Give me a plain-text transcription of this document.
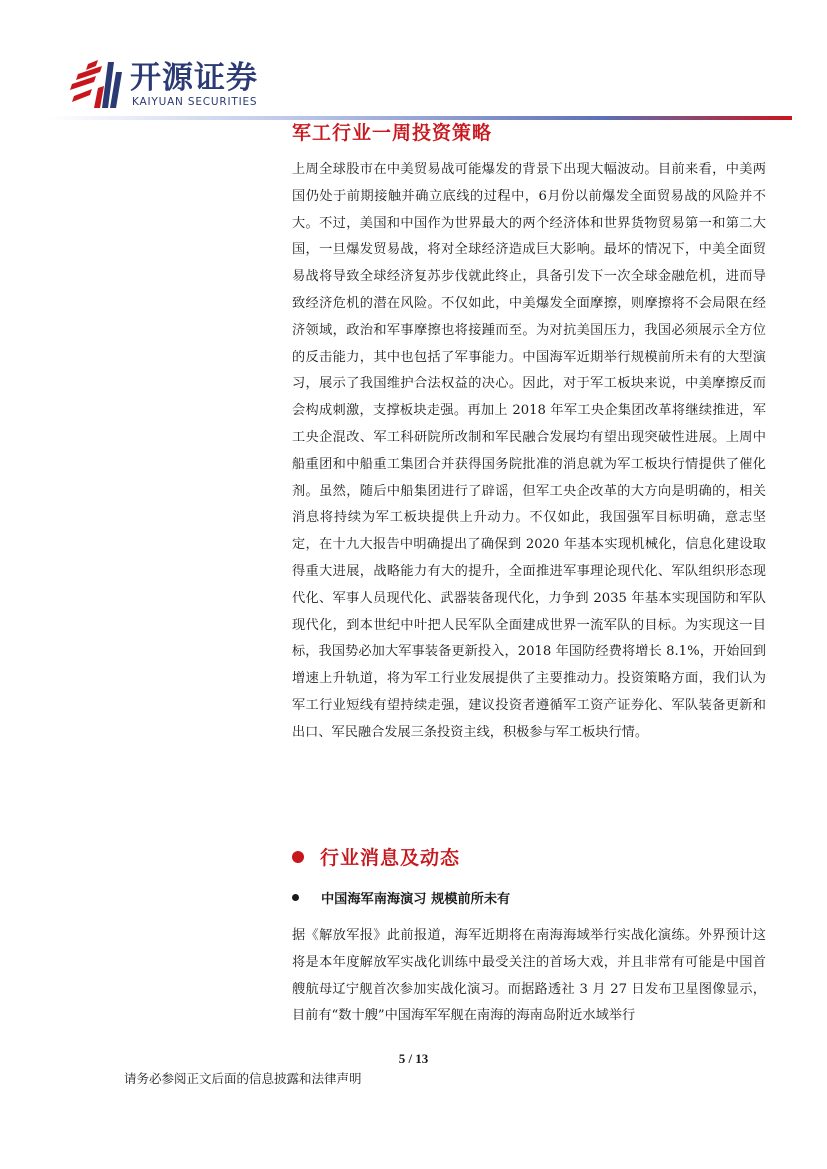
开源证券
KAIYUAN SECURITIES
军工行业一周投资策略
上周全球股市在中美贸易战可能爆发的背景下出现大幅波动。目前来看，中美两国仍处于前期接触并确立底线的过程中，6月份以前爆发全面贸易战的风险并不大。不过，美国和中国作为世界最大的两个经济体和世界货物贸易第一和第二大国，一旦爆发贸易战，将对全球经济造成巨大影响。最坏的情况下，中美全面贸易战将导致全球经济复苏步伐就此终止，具备引发下一次全球金融危机，进而导致经济危机的潜在风险。不仅如此，中美爆发全面摩擦，则摩擦将不会局限在经济领域，政治和军事摩擦也将接踵而至。为对抗美国压力，我国必须展示全方位的反击能力，其中也包括了军事能力。中国海军近期举行规模前所未有的大型演习，展示了我国维护合法权益的决心。因此，对于军工板块来说，中美摩擦反而会构成刺激，支撑板块走强。再加上 2018 年军工央企集团改革将继续推进，军工央企混改、军工科研院所改制和军民融合发展均有望出现突破性进展。上周中船重团和中船重工集团合并获得国务院批准的消息就为军工板块行情提供了催化剂。虽然，随后中船集团进行了辟谣，但军工央企改革的大方向是明确的，相关消息将持续为军工板块提供上升动力。不仅如此，我国强军目标明确，意志坚定，在十九大报告中明确提出了确保到 2020 年基本实现机械化，信息化建设取得重大进展，战略能力有大的提升，全面推进军事理论现代化、军队组织形态现代化、军事人员现代化、武器装备现代化，力争到 2035 年基本实现国防和军队现代化，到本世纪中叶把人民军队全面建成世界一流军队的目标。为实现这一目标，我国势必加大军事装备更新投入，2018 年国防经费将增长 8.1%，开始回到增速上升轨道，将为军工行业发展提供了主要推动力。投资策略方面，我们认为军工行业短线有望持续走强，建议投资者遵循军工资产证券化、军队装备更新和出口、军民融合发展三条投资主线，积极参与军工板块行情。
行业消息及动态
中国海军南海演习 规模前所未有
据《解放军报》此前报道，海军近期将在南海海域举行实战化演练。外界预计这将是本年度解放军实战化训练中最受关注的首场大戏，并且非常有可能是中国首艘航母辽宁舰首次参加实战化演习。而据路透社 3 月 27 日发布卫星图像显示，目前有“数十艘”中国海军军舰在南海的海南岛附近水域举行
5 / 13
请务必参阅正文后面的信息披露和法律声明
